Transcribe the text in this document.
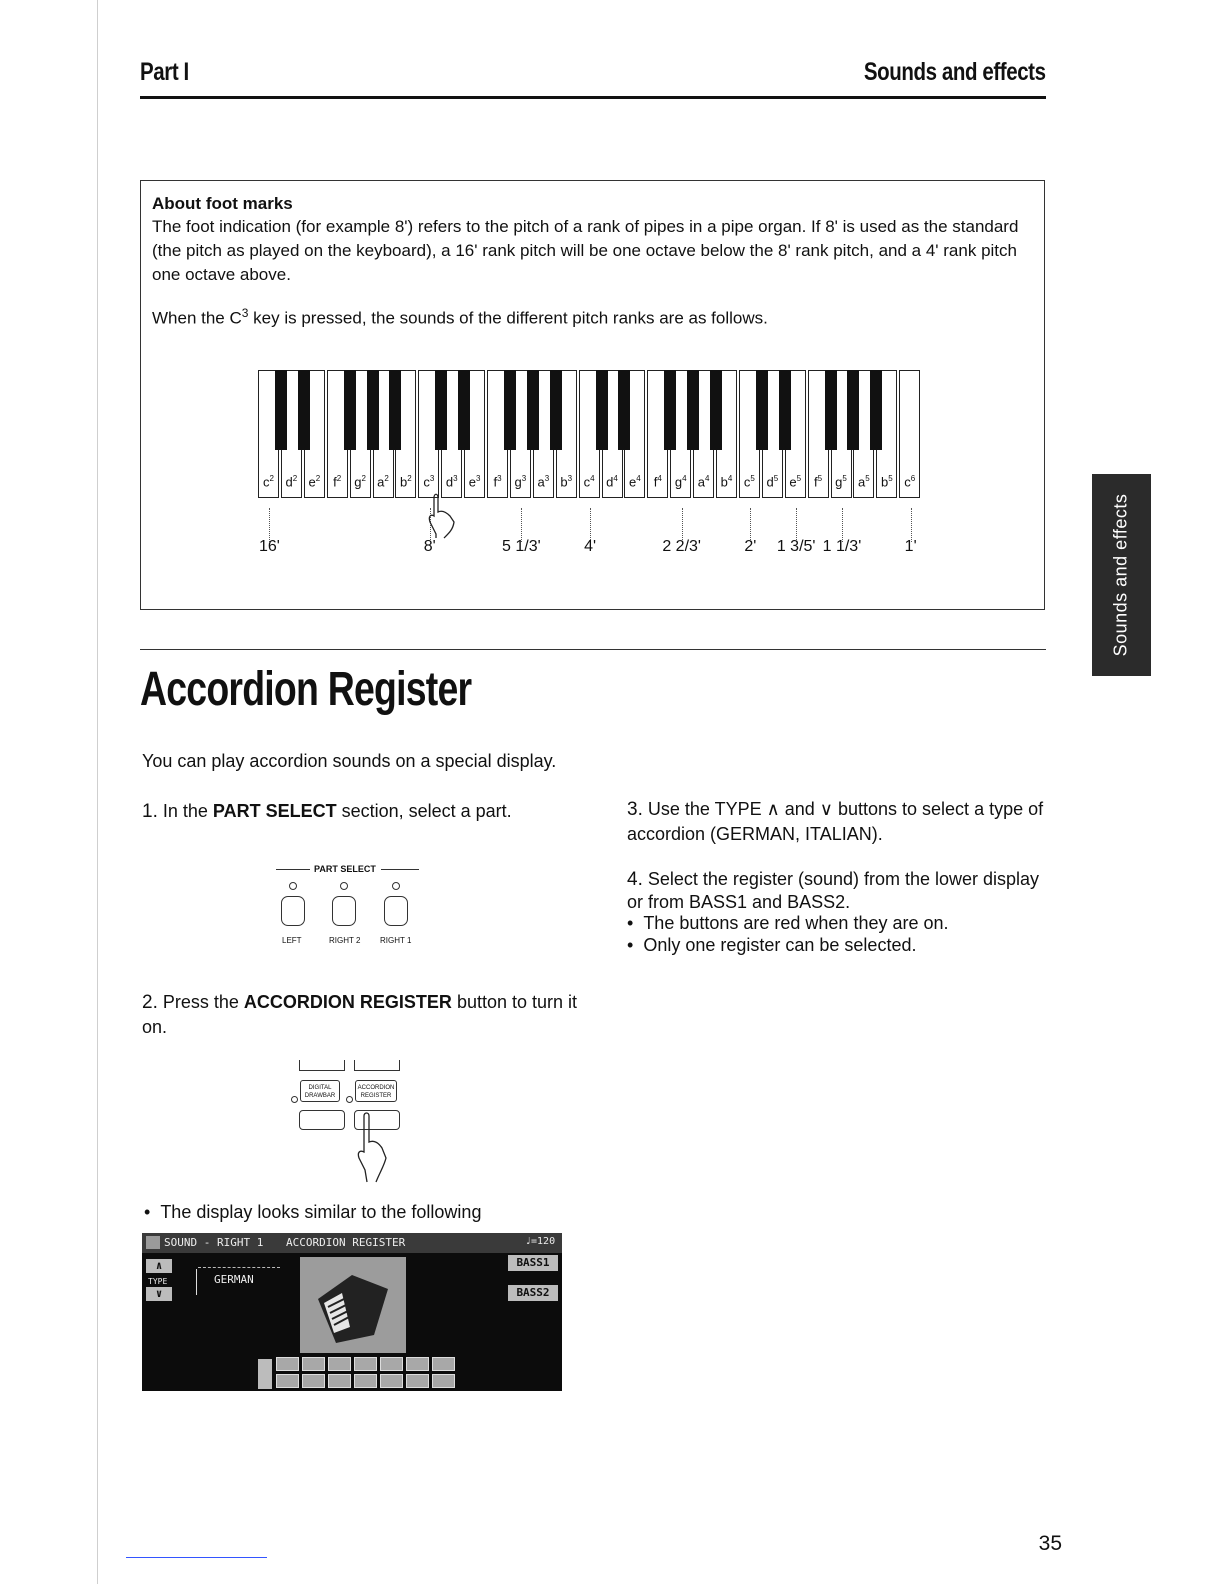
Part I	Sounds and effects
Sounds and effects
About foot marks
The foot indication (for example 8') refers to the pitch of a rank of pipes in a pipe organ. If 8' is used as the standard (the pitch as played on the keyboard), a 16' rank pitch will be one octave below the 8' rank pitch, and a 4' rank pitch one octave above.
When the $C^3$ key is pressed, the sounds of the different pitch ranks are as follows.
$c^2$ $d^2$ $e^2$	$f^2$	$g^2$ $a^2$ $b^2$ $c^3$ $d^3$ $e^3$	$f^3$	$g^3$ $a^3$ $b^3$ $c^4$ $d^4$ $e^4$	$f^4$	$g^4$ $a^4$ $b^4$ $c^5$ $d^5$ $e^5$	$f^5$	$g^5$ $a^5$ $b^5$ $c^6$
16'	8'	5 1/3'	4'	2 2/3'	2' 1 3/5' 1 1/3'	1'
Accordion Register
You can play accordion sounds on a special display.
1. In the PART SELECT section, select a part.
PART SELECT
LEFT	RIGHT 2 RIGHT 1
2. Press the ACCORDION REGISTER button to turn it on.
DIGITAL DRAWBAR
ACCORDION REGISTER
•  The display looks similar to the following
SOUND - RIGHT 1 ACCORDION REGISTER	♩=120
∧
TYPE
∨
GERMAN
BASS1
BASS2
3. Use the TYPE ∧ and ∨ buttons to select a type of accordion (GERMAN, ITALIAN).
4. Select the register (sound) from the lower display or from BASS1 and BASS2.
•  The buttons are red when they are on.
•  Only one register can be selected.
35
